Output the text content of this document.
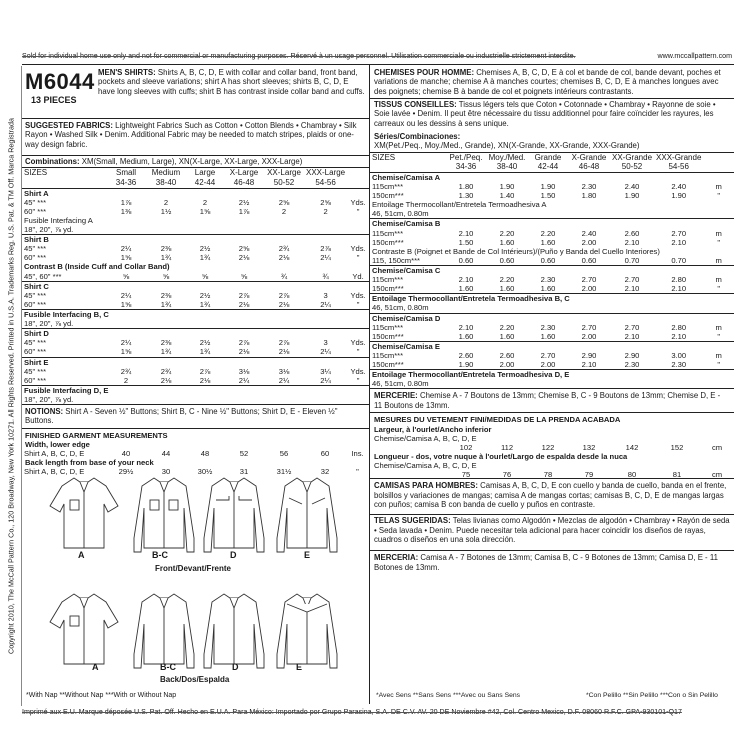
Sold for individual home use only and not for commercial or manufacturing purposes. Réservé à un usage personnel. Utilisation commerciale ou industrielle strictement interdite.	www.mccallpattern.com
Imprimé aux E.U. Marque déposée U.S. Pat. Off. Hecho en E.U.A. Para México: Importado por Grupo Parasina, S.A. DE C.V. AV. 20 DE Noviembre #42, Col. Centro Mexico, D.F. 08060 R.F.C. GPA-930101-Q17
Copyright 2010, The McCall Pattern Co., 120 Broadway, New York 10271. All Rights Reserved. Printed in U.S.A. Trademarks Reg. U.S. Pat. & TM Off. Marca Registrada
M6044
13 PIECES
MEN'S SHIRTS: Shirts A, B, C, D, E with collar and collar band, front band, pockets and sleeve variations; shirt A has short sleeves; shirts B, C, D, E have long sleeves with cuffs; shirt B has contrast inside collar band and cuffs.
SUGGESTED FABRICS: Lightweight Fabrics Such as Cotton • Cotton Blends • Chambray • Silk Rayon • Washed Silk • Denim. Additional Fabric may be needed to match stripes, plaids or one-way design fabric.
Combinations: XM(Small, Medium, Large), XN(X-Large, XX-Large, XXX-Large)
SIZES	Small	Medium	Large	X-Large	XX-Large	XXX-Large	
	34-36	38-40	42-44	46-48	50-52	54-56	
Shirt A							
45" ***	1⅞	2	2	2½	2⅝	2⅝	Yds.
60" ***	1⅜	1½	1⅝	1⅞	2	2	"
Fusible Interfacing A							
18", 20", ⅞ yd.							
Shirt B							
45" ***	2¼	2⅜	2½	2⅝	2¾	2⅞	Yds.
60" ***	1⅝	1¾	1¾	2⅛	2⅛	2¼	"
Contrast B (Inside Cuff and Collar Band)							
45", 60" ***	⅝	⅝	⅝	⅝	¾	¾	Yd.
Shirt C							
45" ***	2¼	2⅜	2½	2⅞	2⅞	3	Yds.
60" ***	1⅝	1¾	1¾	2⅛	2⅛	2¼	"
Fusible Interfacing B, C							
18", 20", ⅞ yd.							
Shirt D							
45" ***	2¼	2⅜	2½	2⅞	2⅞	3	Yds.
60" ***	1⅝	1¾	1¾	2⅛	2⅛	2¼	"
Shirt E							
45" ***	2¾	2¾	2⅞	3⅛	3⅛	3¼	Yds.
60" ***	2	2⅛	2⅛	2¼	2¼	2¼	"
Fusible Interfacing D, E							
18", 20", ⅞ yd.							
NOTIONS: Shirt A - Seven ½" Buttons; Shirt B, C - Nine ½" Buttons; Shirt D, E - Eleven ½" Buttons.
FINISHED GARMENT MEASUREMENTS
Width, lower edge
Shirt A, B, C, D, E	40	44	48	52	56	60	Ins.
Back length from base of your neck
Shirt A, B, C, D, E	29½	30	30½	31	31½	32	"
A	B-C	D	E
Front/Devant/Frente
A	B-C	D	E
Back/Dos/Espalda
*With Nap **Without Nap ***With or Without Nap
CHEMISES POUR HOMME: Chemises A, B, C, D, E à col et bande de col, bande devant, poches et variations de manche; chemise A à manches courtes; chemises B, C, D, E à manches longues avec des poignets; chemise B à bande de col et poignets intérieurs contrastants.
TISSUS CONSEILLES: Tissus légers tels que Coton • Cotonnade • Chambray • Rayonne de soie • Soie lavée • Denim. Il peut être nécessaire du tissu additionnel pour faire coïncider les rayures, les carreaux ou les dessins à sens unique.
Séries/Combinaciones:
XM(Pet./Peq., Moy./Med., Grande), XN(X-Grande, XX-Grande, XXX-Grande)
SIZES	Pet./Peq.	Moy./Med.	Grande	X-Grande	XX-Grande	XXX-Grande	
	34-36	38-40	42-44	46-48	50-52	54-56	
Chemise/Camisa A							
115cm***	1.80	1.90	1.90	2.30	2.40	2.40	m
150cm***	1.30	1.40	1.50	1.80	1.90	1.90	"
Entoilage Thermocollant/Entretela Termoadhesiva A							
46, 51cm, 0.80m							
Chemise/Camisa B							
115cm***	2.10	2.20	2.20	2.40	2.60	2.70	m
150cm***	1.50	1.60	1.60	2.00	2.10	2.10	"
Contraste B (Poignet et Bande de Col Intérieurs)/(Puño y Banda del Cuello Interiores)							
115, 150cm***	0.60	0.60	0.60	0.60	0.70	0.70	m
Chemise/Camisa C							
115cm***	2.10	2.20	2.30	2.70	2.70	2.80	m
150cm***	1.60	1.60	1.60	2.00	2.10	2.10	"
Entoilage Thermocollant/Entretela Termoadhesiva B, C							
46, 51cm, 0.80m							
Chemise/Camisa D							
115cm***	2.10	2.20	2.30	2.70	2.70	2.80	m
150cm***	1.60	1.60	1.60	2.00	2.10	2.10	"
Chemise/Camisa E							
115cm***	2.60	2.60	2.70	2.90	2.90	3.00	m
150cm***	1.90	2.00	2.00	2.10	2.30	2.30	"
Entoilage Thermocollant/Entretela Termoadhesiva D, E							
46, 51cm, 0.80m							
MERCERIE: Chemise A - 7 Boutons de 13mm; Chemise B, C - 9 Boutons de 13mm; Chemise D, E - 11 Boutons de 13mm.
MESURES DU VETEMENT FINI/MEDIDAS DE LA PRENDA ACABADA
Largeur, à l'ourlet/Ancho inferior
Chemise/Camisa A, B, C, D, E
	102	112	122	132	142	152	cm
Longueur - dos, votre nuque à l'ourlet/Largo de espalda desde la nuca
Chemise/Camisa A, B, C, D, E
	75	76	78	79	80	81	cm
CAMISAS PARA HOMBRES: Camisas A, B, C, D, E con cuello y banda de cuello, banda en el frente, bolsillos y variaciones de mangas; camisa A de mangas cortas; camisas B, C, D, E de mangas largas con puños; camisa B con banda de cuello y puños en contraste.
TELAS SUGERIDAS: Telas livianas como Algodón • Mezclas de algodón • Chambray • Rayón de seda • Seda lavada • Denim. Puede necesitar tela adicional para hacer coincidir los diseños de rayas, cuadros o diseños en una sola dirección.
MERCERIA: Camisa A - 7 Botones de 13mm; Camisa B, C - 9 Botones de 13mm; Camisa D, E - 11 Botones de 13mm.
*Avec Sens **Sans Sens ***Avec ou Sans Sens	*Con Pelillo **Sin Pelillo ***Con o Sin Pelillo
